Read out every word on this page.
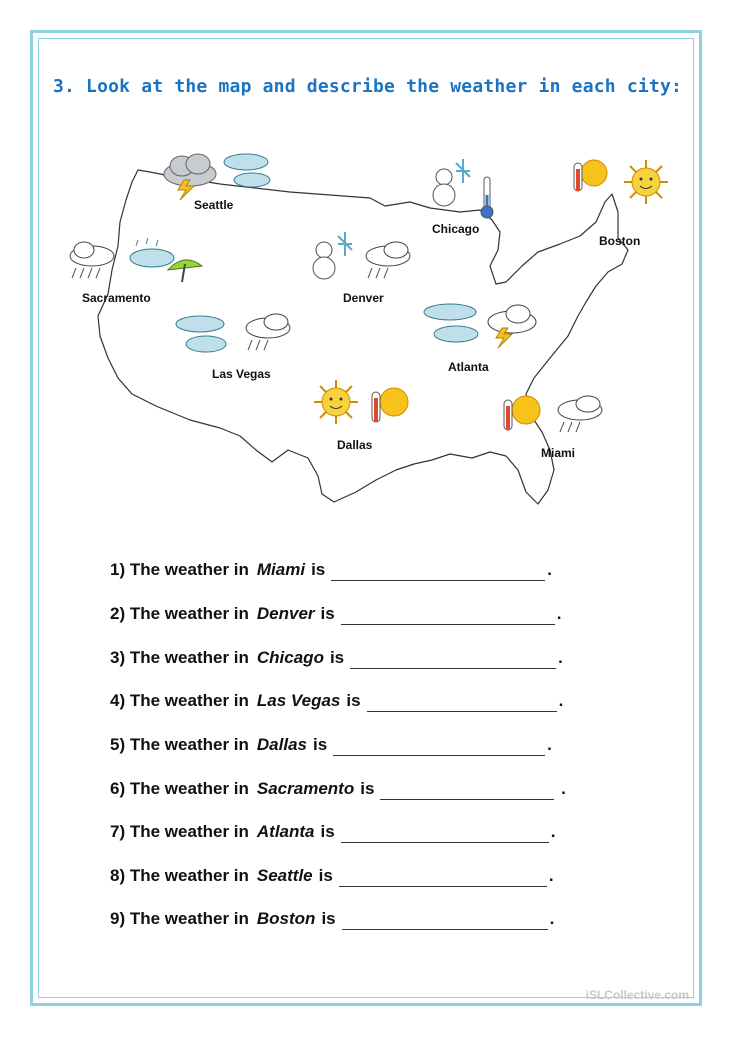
3. Look at the map and describe the weather in each city:
Seattle
Chicago
Boston
Sacramento	Denver
Las Vegas	Atlanta
Dallas
Miami
1) The weather in Miami is	.
2) The weather in Denver is	.
3) The weather in Chicago is	.
4) The weather in Las Vegas is	.
5) The weather in Dallas is	.
6) The weather in Sacramento is	.
7) The weather in Atlanta is	.
8) The weather in Seattle is	.
9) The weather in Boston is	.
iSLCollective.com
